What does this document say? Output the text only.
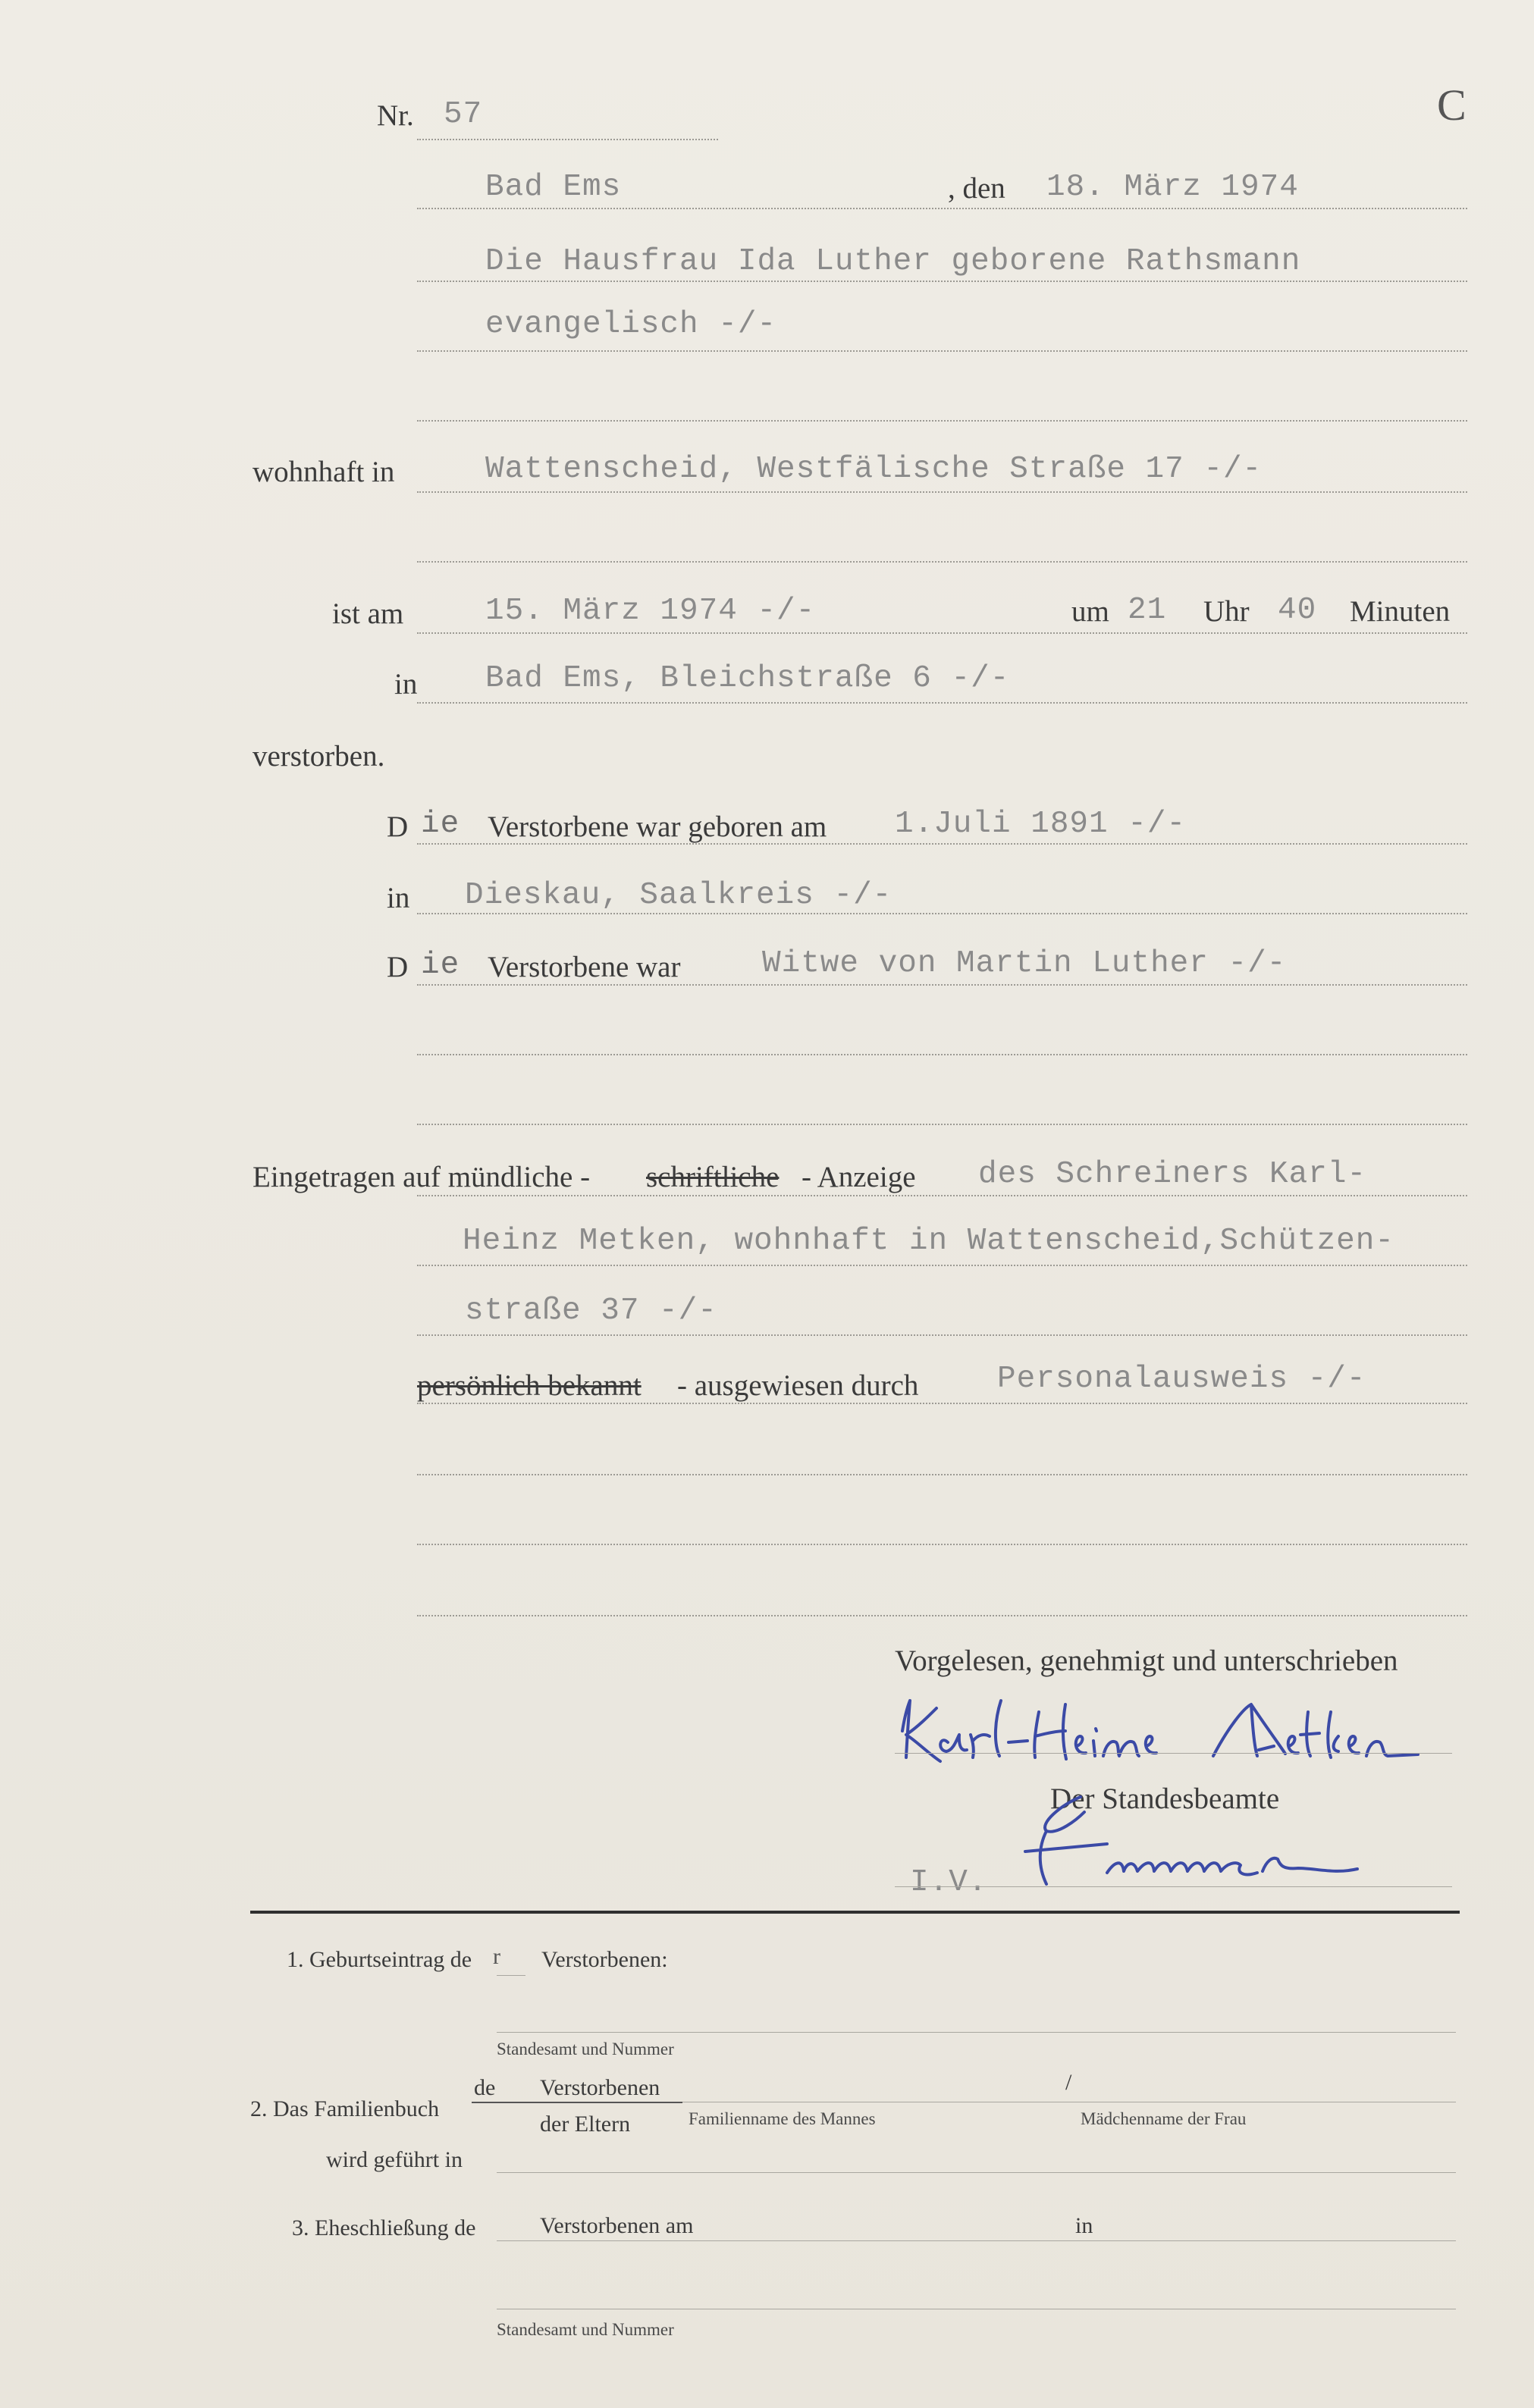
C
Nr. 57
Bad Ems	, den 18. März 1974
Die Hausfrau Ida Luther geborene Rathsmann
evangelisch -/-
wohnhaft in	Wattenscheid, Westfälische Straße 17 -/-
ist am	15. März 1974 -/-	um 21 Uhr 40 Minuten
in Bad Ems, Bleichstraße 6 -/-
verstorben.
D ie Verstorbene war geboren am 1.Juli 1891 -/-
in Dieskau, Saalkreis -/-
D ie Verstorbene war	Witwe von Martin Luther -/-
Eingetragen auf mündliche - schriftliche - Anzeige des Schreiners Karl-
Heinz Metken, wohnhaft in Wattenscheid,Schützen-
straße 37 -/-
persönlich bekannt - ausgewiesen durch	Personalausweis -/-
Vorgelesen, genehmigt und unterschrieben
Der Standesbeamte
I.V.
1. Geburtseintrag de r Verstorbenen:
Standesamt und Nummer
2. Das Familienbuch
de Verstorbenen
der Eltern
/
Familienname des Mannes	Mädchenname der Frau
wird geführt in
3. Eheschließung de	Verstorbenen am	in
Standesamt und Nummer
